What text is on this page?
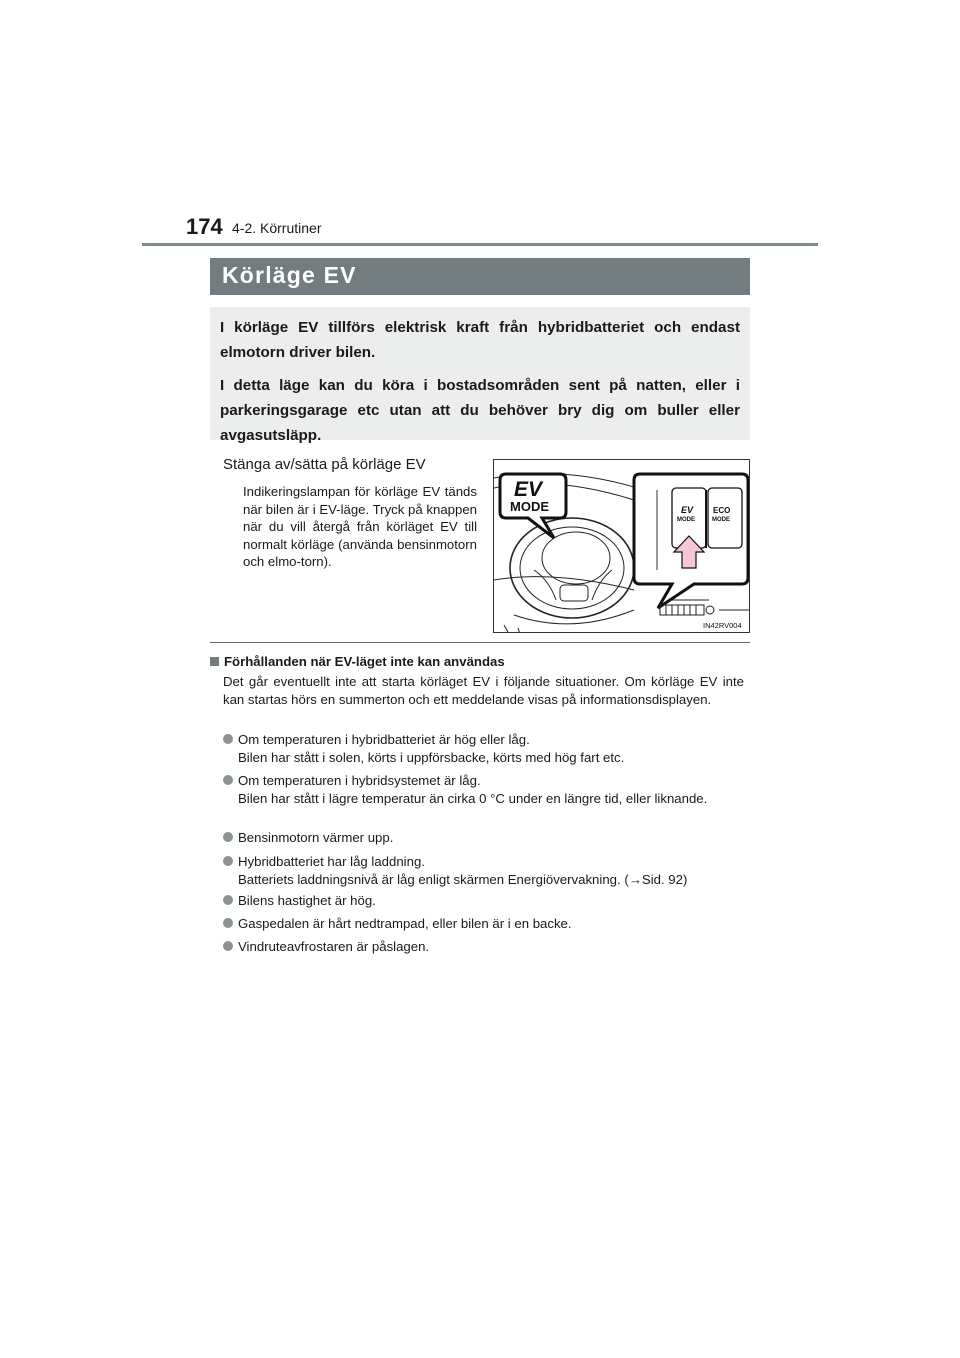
174 4-2. Körrutiner
Körläge EV

I körläge EV tillförs elektrisk kraft från hybridbatteriet och endast elmotorn driver bilen.

I detta läge kan du köra i bostadsområden sent på natten, eller i parkeringsgarage etc utan att du behöver bry dig om buller eller avgasutsläpp.

Stänga av/sätta på körläge EV
Indikeringslampan för körläge EV tänds när bilen är i EV-läge. Tryck på knappen när du vill återgå från körläget EV till normalt körläge (använda bensinmotorn och elmo-torn).
EV
MODE	EV
MODE
ECO
MODE
IN42RV004
Förhållanden när EV-läget inte kan användas
Det går eventuellt inte att starta körläget EV i följande situationer. Om körläge EV inte kan startas hörs en summerton och ett meddelande visas på informationsdisplayen.
Om temperaturen i hybridbatteriet är hög eller låg.
Bilen har stått i solen, körts i uppförsbacke, körts med hög fart etc.
Om temperaturen i hybridsystemet är låg.
Bilen har stått i lägre temperatur än cirka 0 °C under en längre tid, eller liknande.
Bensinmotorn värmer upp.
Hybridbatteriet har låg laddning.
Batteriets laddningsnivå är låg enligt skärmen Energiövervakning. (→Sid. 92)
Bilens hastighet är hög.
Gaspedalen är hårt nedtrampad, eller bilen är i en backe.
Vindruteavfrostaren är påslagen.
